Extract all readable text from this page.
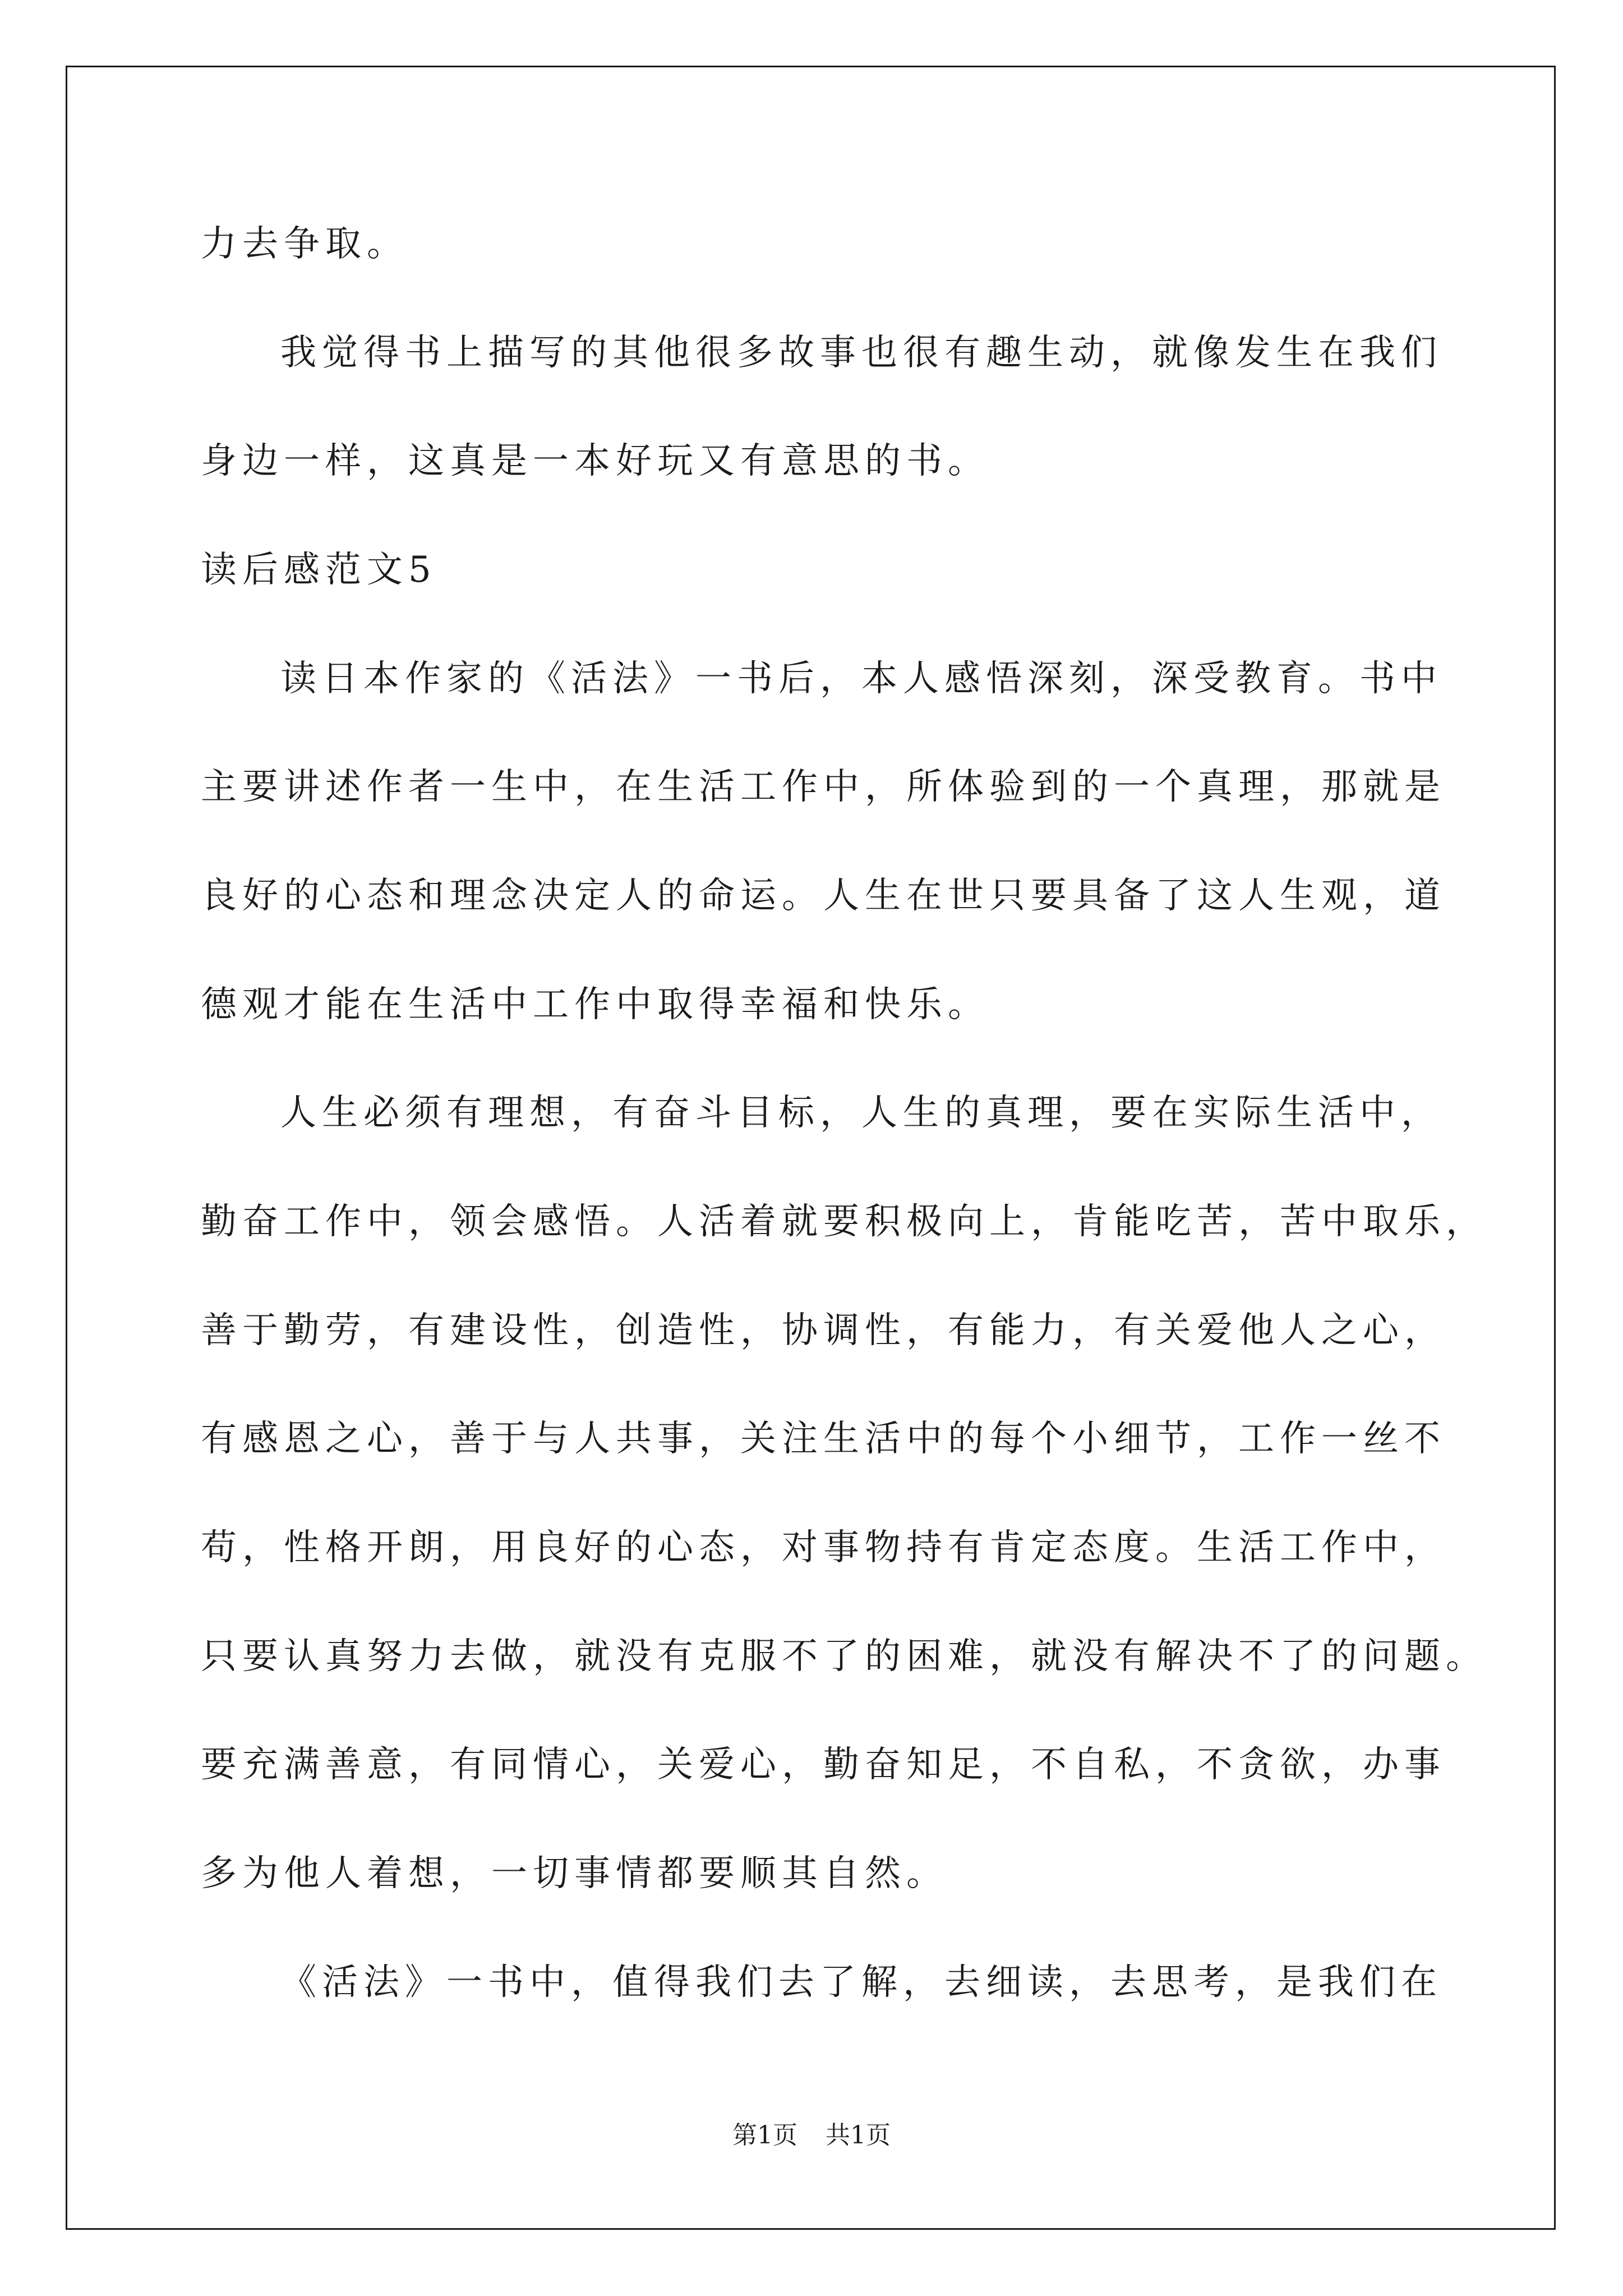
力去争取。

我觉得书上描写的其他很多故事也很有趣生动，就像发生在我们

身边一样，这真是一本好玩又有意思的书。

读后感范文5

读日本作家的《活法》一书后，本人感悟深刻，深受教育。书中

主要讲述作者一生中，在生活工作中，所体验到的一个真理，那就是

良好的心态和理念决定人的命运。人生在世只要具备了这人生观，道

德观才能在生活中工作中取得幸福和快乐。

人生必须有理想，有奋斗目标，人生的真理，要在实际生活中，

勤奋工作中，领会感悟。人活着就要积极向上，肯能吃苦，苦中取乐，

善于勤劳，有建设性，创造性，协调性，有能力，有关爱他人之心，

有感恩之心，善于与人共事，关注生活中的每个小细节，工作一丝不

苟，性格开朗，用良好的心态，对事物持有肯定态度。生活工作中，

只要认真努力去做，就没有克服不了的困难，就没有解决不了的问题。

要充满善意，有同情心，关爱心，勤奋知足，不自私，不贪欲，办事

多为他人着想，一切事情都要顺其自然。

《活法》一书中，值得我们去了解，去细读，去思考，是我们在

第1页 共1页
